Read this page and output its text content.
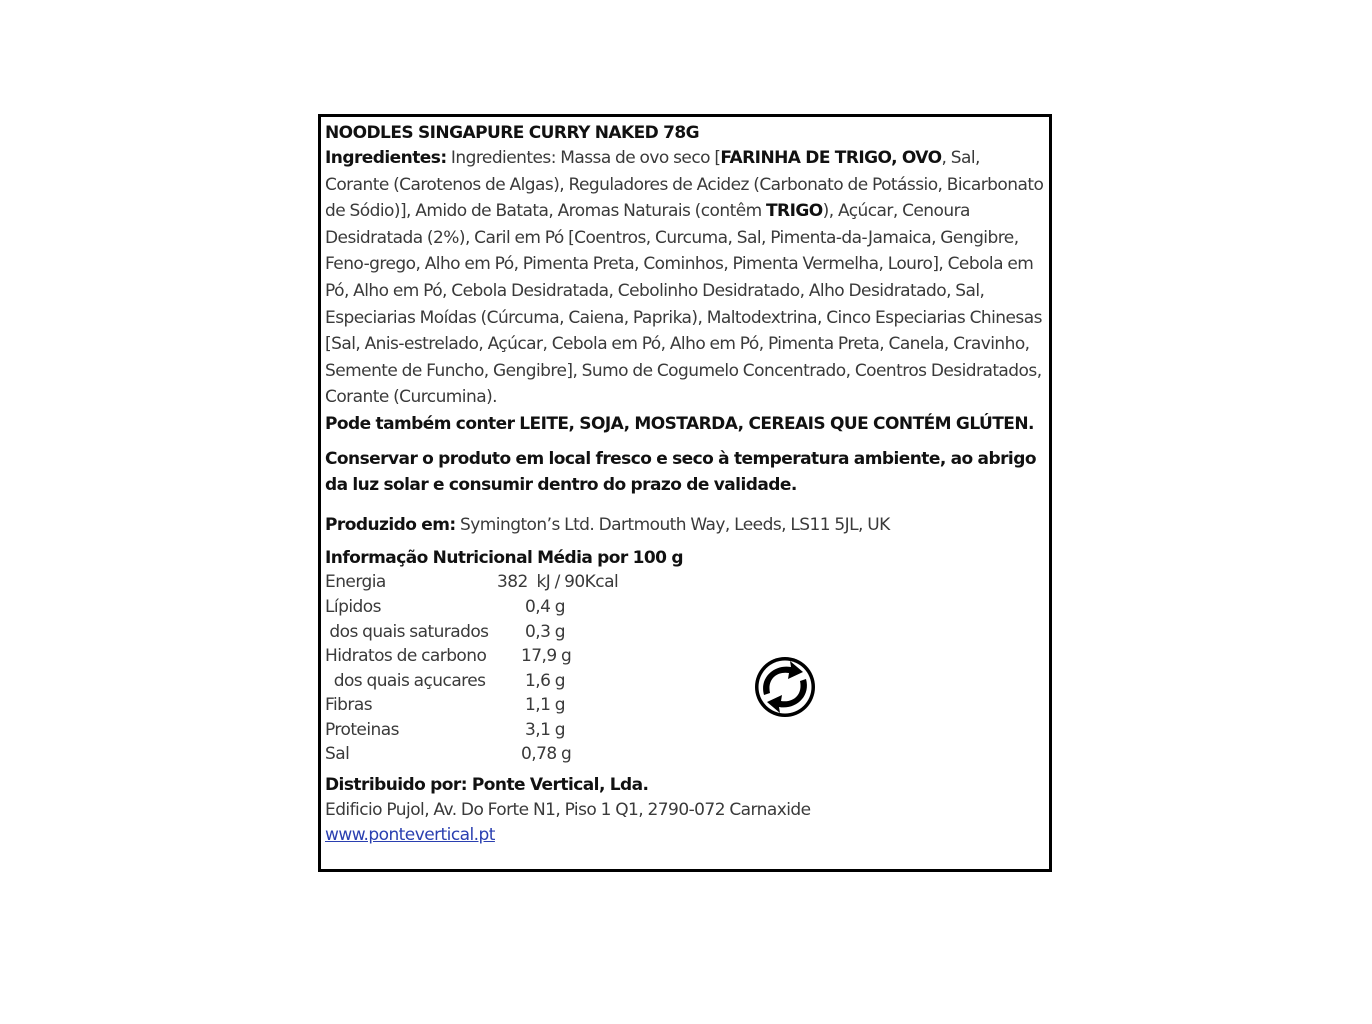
NOODLES SINGAPURE CURRY NAKED 78G

Ingredientes: Ingredientes: Massa de ovo seco [FARINHA DE TRIGO, OVO, Sal, Corante (Carotenos de Algas), Reguladores de Acidez (Carbonato de Potássio, Bicarbonato de Sódio)], Amido de Batata, Aromas Naturais (contêm TRIGO), Açúcar, Cenoura Desidratada (2%), Caril em Pó [Coentros, Curcuma, Sal, Pimenta-da-Jamaica, Gengibre, Feno-grego, Alho em Pó, Pimenta Preta, Cominhos, Pimenta Vermelha, Louro], Cebola em Pó, Alho em Pó, Cebola Desidratada, Cebolinho Desidratado, Alho Desidratado, Sal, Especiarias Moídas (Cúrcuma, Caiena, Paprika), Maltodextrina, Cinco Especiarias Chinesas [Sal, Anis-estrelado, Açúcar, Cebola em Pó, Alho em Pó, Pimenta Preta, Canela, Cravinho, Semente de Funcho, Gengibre], Sumo de Cogumelo Concentrado, Coentros Desidratados, Corante (Curcumina).

Pode também conter LEITE, SOJA, MOSTARDA, CEREAIS QUE CONTÉM GLÚTEN.
Conservar o produto em local fresco e seco à temperatura ambiente, ao abrigo da luz solar e consumir dentro do prazo de validade.
Produzido em: Symington’s Ltd. Dartmouth Way, Leeds, LS11 5JL, UK
Informação Nutricional Média por 100 g
Energia	382  kJ / 90Kcal
Lípidos	0,4 g
dos quais saturados	0,3 g
Hidratos de carbono	17,9 g
dos quais açucares	1,6 g
Fibras	1,1 g
Proteinas	3,1 g
Sal	0,78 g
Distribuido por: Ponte Vertical, Lda.
Edificio Pujol, Av. Do Forte N1, Piso 1 Q1, 2790-072 Carnaxide
www.pontevertical.pt
